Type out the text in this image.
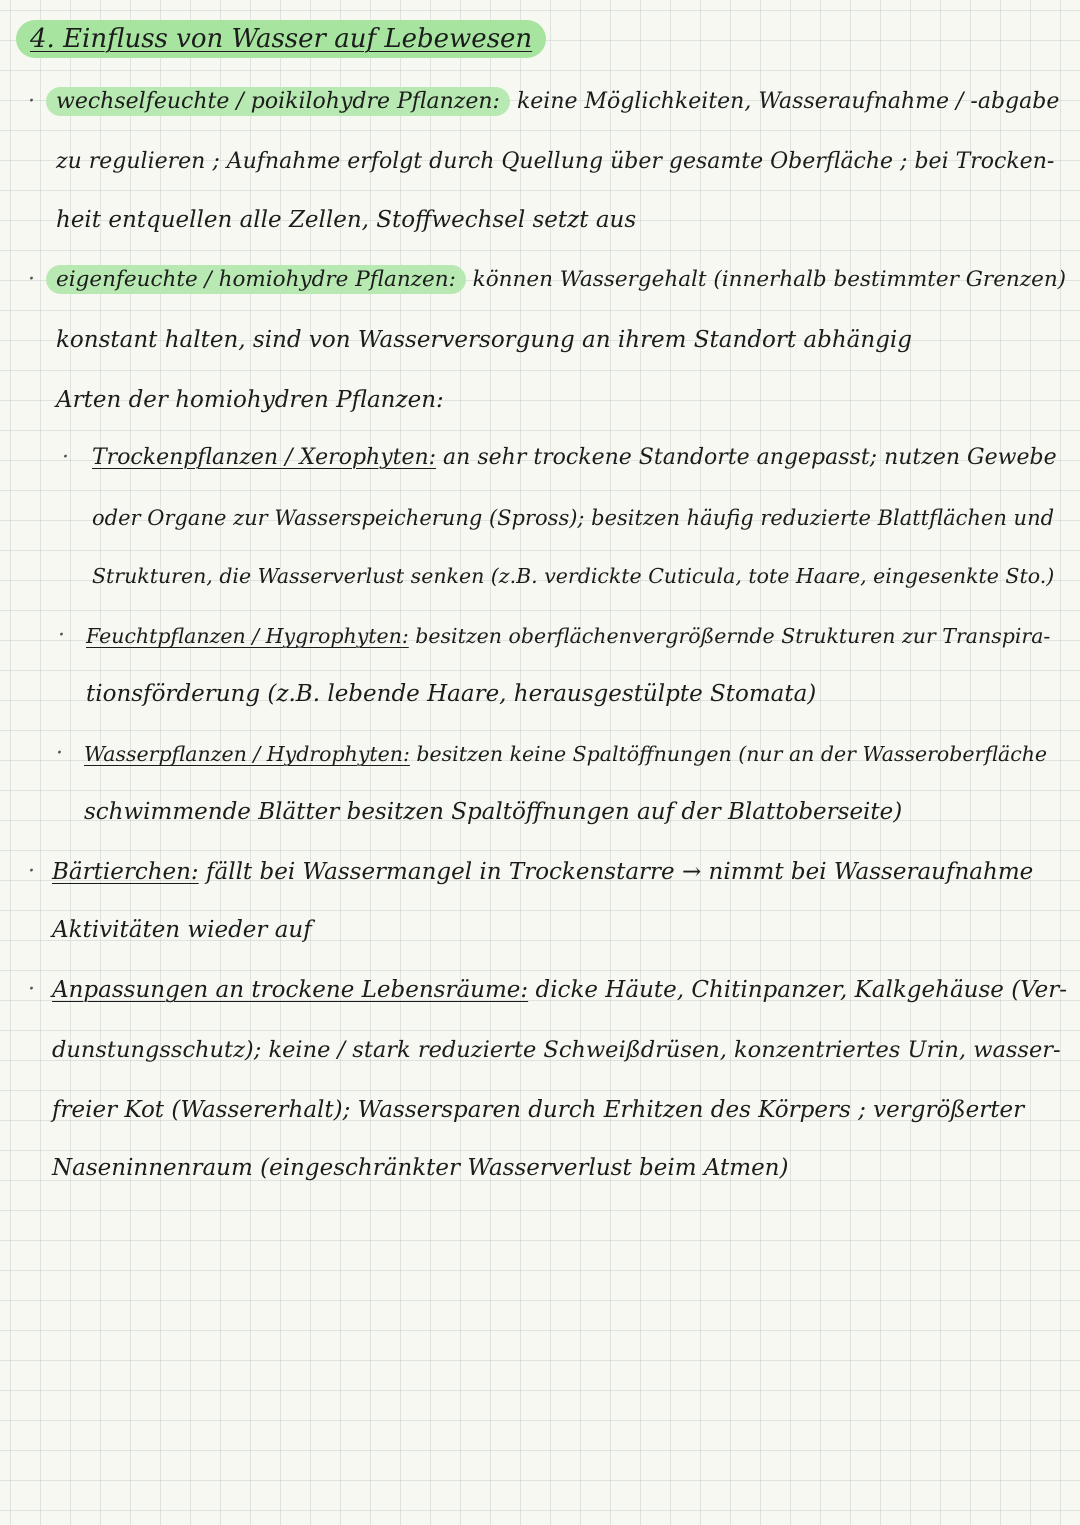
4. Einfluss von Wasser auf Lebewesen
· wechselfeuchte / poikilohydre Pflanzen: keine Möglichkeiten, Wasseraufnahme / -abgabe
zu regulieren ; Aufnahme erfolgt durch Quellung über gesamte Oberfläche ; bei Trocken-
heit entquellen alle Zellen, Stoffwechsel setzt aus
· eigenfeuchte / homiohydre Pflanzen: können Wassergehalt (innerhalb bestimmter Grenzen)
konstant halten, sind von Wasserversorgung an ihrem Standort abhängig
Arten der homiohydren Pflanzen:
· Trockenpflanzen / Xerophyten: an sehr trockene Standorte angepasst; nutzen Gewebe
oder Organe zur Wasserspeicherung (Spross); besitzen häufig reduzierte Blattflächen und
Strukturen, die Wasserverlust senken (z.B. verdickte Cuticula, tote Haare, eingesenkte Sto.)
· Feuchtpflanzen / Hygrophyten: besitzen oberflächenvergrößernde Strukturen zur Transpira-
tionsförderung (z.B. lebende Haare, herausgestülpte Stomata)
· Wasserpflanzen / Hydrophyten: besitzen keine Spaltöffnungen (nur an der Wasseroberfläche
schwimmende Blätter besitzen Spaltöffnungen auf der Blattoberseite)
· Bärtierchen: fällt bei Wassermangel in Trockenstarre → nimmt bei Wasseraufnahme
Aktivitäten wieder auf
· Anpassungen an trockene Lebensräume: dicke Häute, Chitinpanzer, Kalkgehäuse (Ver-
dunstungsschutz); keine / stark reduzierte Schweißdrüsen, konzentriertes Urin, wasser-
freier Kot (Wassererhalt); Wassersparen durch Erhitzen des Körpers ; vergrößerter
Naseninnenraum (eingeschränkter Wasserverlust beim Atmen)
